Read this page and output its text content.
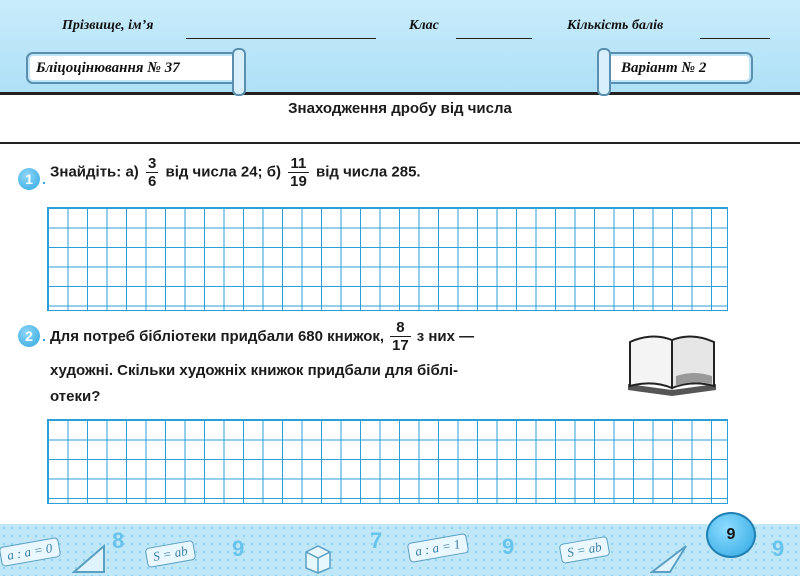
Прізвище, ім’я	Клас	Кількість балів
Бліцоцінювання № 37	Варіант № 2
Знаходження дробу від числа
1 .	Знайдіть: $а) \frac{3}{6}$ від числа 24; $б) \frac{11}{19}$ від числа 285.
2 .	Для потреб бібліотеки придбали 680 книжок, $\frac{8}{17}$ з них —
художні. Скільки художніх книжок придбали для біблі-
отеки?
a : a = 0	S = ab	a : a = 1	S = ab
8	9	7	9	9
9
